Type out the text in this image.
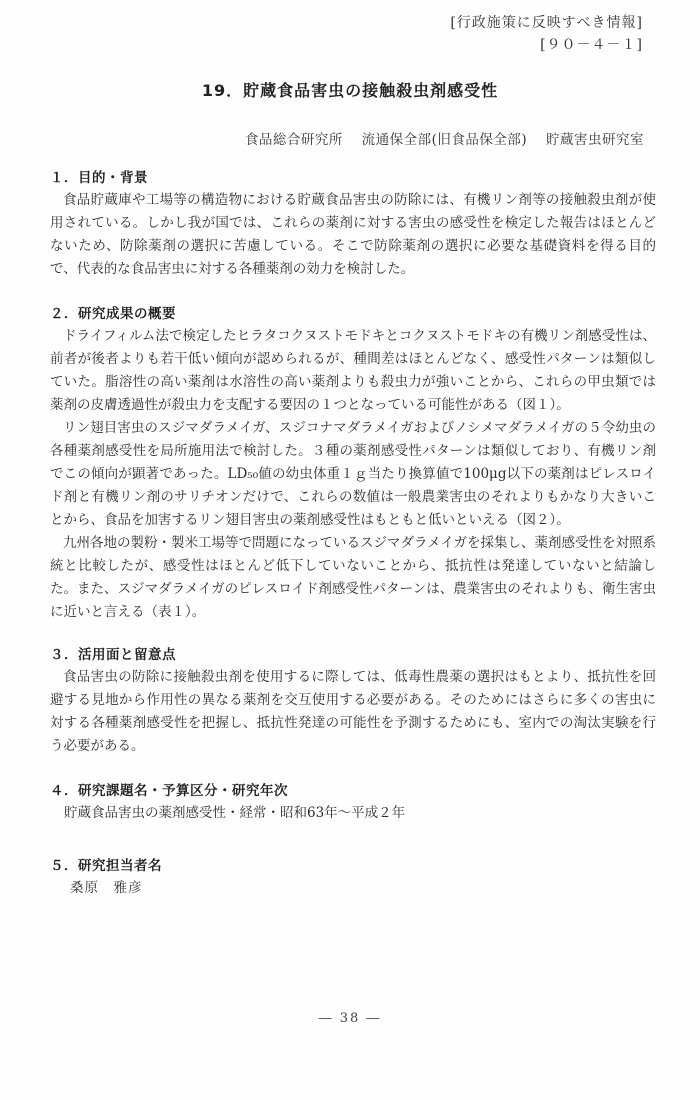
[行政施策に反映すべき情報]
[９０－４－１]
19．貯蔵食品害虫の接触殺虫剤感受性
食品総合研究所 流通保全部(旧食品保全部) 貯蔵害虫研究室
１．目的・背景

食品貯蔵庫や工場等の構造物における貯蔵食品害虫の防除には、有機リン剤等の接触殺虫剤が使用されている。しかし我が国では、これらの薬剤に対する害虫の感受性を検定した報告はほとんどないため、防除薬剤の選択に苦慮している。そこで防除薬剤の選択に必要な基礎資料を得る目的で、代表的な食品害虫に対する各種薬剤の効力を検討した。

２．研究成果の概要

ドライフィルム法で検定したヒラタコクヌストモドキとコクヌストモドキの有機リン剤感受性は、前者が後者よりも若干低い傾向が認められるが、種間差はほとんどなく、感受性パターンは類似していた。脂溶性の高い薬剤は水溶性の高い薬剤よりも殺虫力が強いことから、これらの甲虫類では薬剤の皮膚透過性が殺虫力を支配する要因の１つとなっている可能性がある（図１）。

リン翅目害虫のスジマダラメイガ、スジコナマダラメイガおよびノシメマダラメイガの５令幼虫の各種薬剤感受性を局所施用法で検討した。３種の薬剤感受性パターンは類似しており、有機リン剤でこの傾向が顕著であった。LD₅₀値の幼虫体重１ｇ当たり換算値で100μg以下の薬剤はピレスロイド剤と有機リン剤のサリチオンだけで、これらの数値は一般農業害虫のそれよりもかなり大きいことから、食品を加害するリン翅目害虫の薬剤感受性はもともと低いといえる（図２）。

九州各地の製粉・製米工場等で問題になっているスジマダラメイガを採集し、薬剤感受性を対照系統と比較したが、感受性はほとんど低下していないことから、抵抗性は発達していないと結論した。また、スジマダラメイガのピレスロイド剤感受性パターンは、農業害虫のそれよりも、衛生害虫に近いと言える（表１）。

３．活用面と留意点

食品害虫の防除に接触殺虫剤を使用するに際しては、低毒性農薬の選択はもとより、抵抗性を回避する見地から作用性の異なる薬剤を交互使用する必要がある。そのためにはさらに多くの害虫に対する各種薬剤感受性を把握し、抵抗性発達の可能性を予測するためにも、室内での淘汰実験を行う必要がある。

４．研究課題名・予算区分・研究年次
貯蔵食品害虫の薬剤感受性・経常・昭和63年～平成２年
５．研究担当者名
桑原　雅彦
― 38 ―
